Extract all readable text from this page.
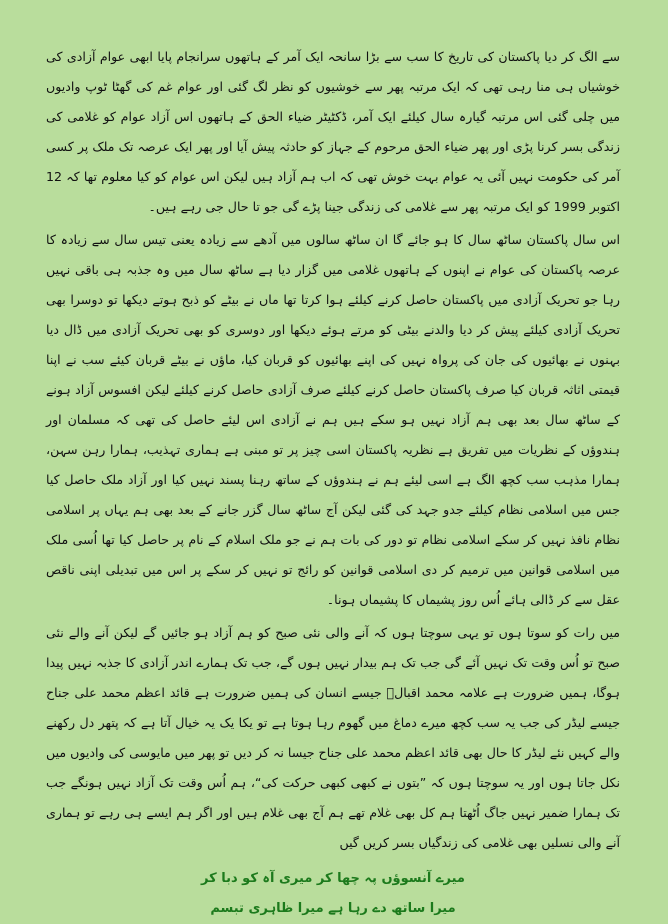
سے الگ کر دیا پاکستان کی تاریخ کا سب سے بڑا سانحہ ایک آمر کے ہاتھوں سرانجام پایا ابھی عوام آزادی کی خوشیاں ہی منا رہی تھی کہ ایک مرتبہ پھر سے خوشیوں کو نظر لگ گئی اور عوام غم کی گھٹا ٹوپ وادیوں میں چلی گئی اس مرتبہ گیارہ سال کیلئے ایک آمر، ڈکٹیٹر ضیاء الحق کے ہاتھوں اس آزاد عوام کو غلامی کی زندگی بسر کرنا پڑی اور پھر ضیاء الحق مرحوم کے جہاز کو حادثہ پیش آیا اور پھر ایک عرصہ تک ملک پر کسی آمر کی حکومت نہیں آئی یہ عوام بہت خوش تھی کہ اب ہم آزاد ہیں لیکن اس عوام کو کیا معلوم تھا کہ 12 اکتوبر 1999 کو ایک مرتبہ پھر سے غلامی کی زندگی جینا پڑے گی جو تا حال جی رہے ہیں۔

اس سال پاکستان ساٹھ سال کا ہو جائے گا ان ساٹھ سالوں میں آدھے سے زیادہ یعنی تیس سال سے زیادہ کا عرصہ پاکستان کی عوام نے اپنوں کے ہاتھوں غلامی میں گزار دیا ہے ساٹھ سال میں وہ جذبہ ہی باقی نہیں رہا جو تحریک آزادی میں پاکستان حاصل کرنے کیلئے ہوا کرتا تھا ماں نے بیٹے کو ذبح ہوتے دیکھا تو دوسرا بھی تحریک آزادی کیلئے پیش کر دیا والدنے بیٹی کو مرتے ہوئے دیکھا اور دوسری کو بھی تحریک آزادی میں ڈال دیا بہنوں نے بھائیوں کی جان کی پرواہ نہیں کی اپنے بھائیوں کو قربان کیا، ماؤں نے بیٹے قربان کیئے سب نے اپنا قیمتی اثاثہ قربان کیا صرف پاکستان حاصل کرنے کیلئے صرف آزادی حاصل کرنے کیلئے لیکن افسوس آزاد ہونے کے ساٹھ سال بعد بھی ہم آزاد نہیں ہو سکے ہیں ہم نے آزادی اس لیئے حاصل کی تھی کہ مسلمان اور ہندوؤں کے نظریات میں تفریق ہے نظریہ پاکستان اسی چیز پر تو مبنی ہے ہماری تہذیب، ہمارا رہن سہن، ہمارا مذہب سب کچھ الگ ہے اسی لیئے ہم نے ہندوؤں کے ساتھ رہنا پسند نہیں کیا اور آزاد ملک حاصل کیا جس میں اسلامی نظام کیلئے جدو جہد کی گئی لیکن آج ساٹھ سال گزر جانے کے بعد بھی ہم یہاں پر اسلامی نظام نافذ نہیں کر سکے اسلامی نظام تو دور کی بات ہم نے جو ملک اسلام کے نام پر حاصل کیا تھا اُسی ملک میں اسلامی قوانین میں ترمیم کر دی اسلامی قوانین کو رائج تو نہیں کر سکے پر اس میں تبدیلی اپنی ناقص عقل سے کر ڈالی ہائے اُس روز پشیماں کا پشیماں ہونا۔

میں رات کو سوتا ہوں تو یہی سوچتا ہوں کہ آنے والی نئی صبح کو ہم آزاد ہو جائیں گے لیکن آنے والے نئی صبح تو اُس وقت تک نہیں آئے گی جب تک ہم بیدار نہیں ہوں گے، جب تک ہمارے اندر آزادی کا جذبہ نہیں پیدا ہوگا، ہمیں ضرورت ہے علامہ محمد اقبالؒ جیسے انسان کی ہمیں ضرورت ہے قائد اعظم محمد علی جناح جیسے لیڈر کی جب یہ سب کچھ میرے دماغ میں گھوم رہا ہوتا ہے تو یکا یک یہ خیال آتا ہے کہ پتھر دل رکھنے والے کہیں نئے لیڈر کا حال بھی قائد اعظم محمد علی جناح جیسا نہ کر دیں تو پھر میں مایوسی کی وادیوں میں نکل جاتا ہوں اور یہ سوچتا ہوں کہ ”بتوں نے کبھی کبھی حرکت کی“، ہم اُس وقت تک آزاد نہیں ہونگے جب تک ہمارا ضمیر نہیں جاگ اُٹھتا ہم کل بھی غلام تھے ہم آج بھی غلام ہیں اور اگر ہم ایسے ہی رہے تو ہماری آنے والی نسلیں بھی غلامی کی زندگیاں بسر کریں گیں

میرے آنسوؤں پہ چھا کر میری آہ کو دبا کر

میرا ساتھ دے رہا ہے میرا ظاہری تبسم
